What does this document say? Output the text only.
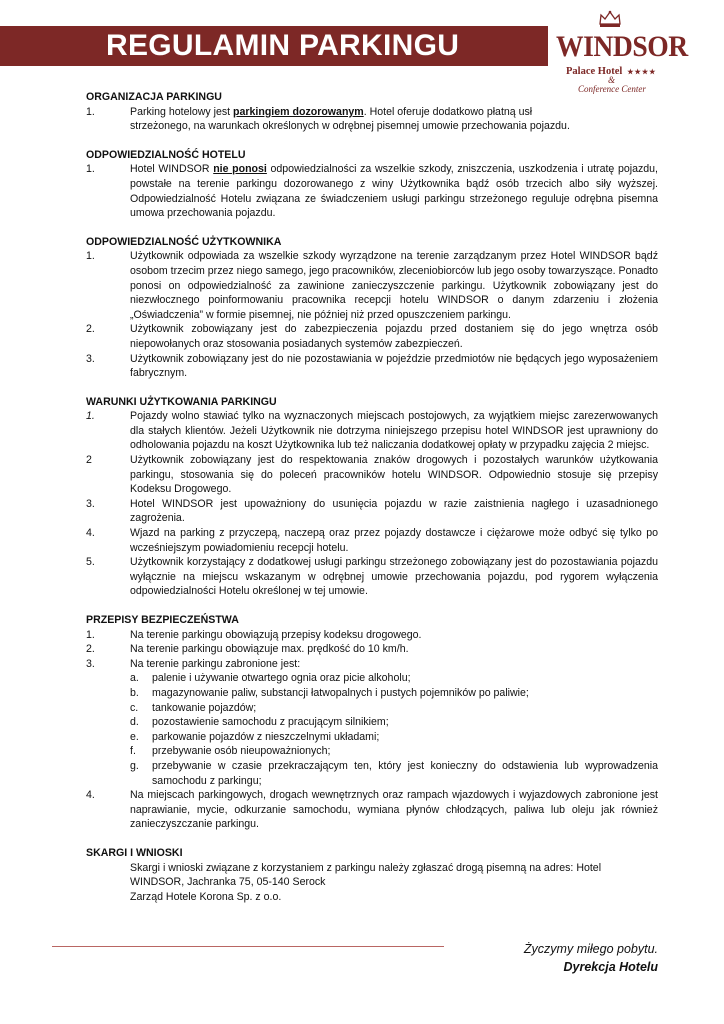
REGULAMIN PARKINGU	WINDSOR
Palace Hotel ★★★★
&
Conference Center

ORGANIZACJA PARKINGU

1.	Parking hotelowy jest parkingiem dozorowanym. Hotel oferuje dodatkowo płatną usł
strzeżonego, na warunkach określonych w odrębnej pisemnej umowie przechowania pojazdu.

ODPOWIEDZIALNOŚĆ HOTELU

1.	Hotel WINDSOR nie ponosi odpowiedzialności za wszelkie szkody, zniszczenia, uszkodzenia i utratę pojazdu, powstałe na terenie parkingu dozorowanego z winy Użytkownika bądź osób trzecich albo siły wyższej. Odpowiedzialność Hotelu związana ze świadczeniem usługi parkingu strzeżonego reguluje odrębna pisemna umowa przechowania pojazdu.

ODPOWIEDZIALNOŚĆ UŻYTKOWNIKA

1.	Użytkownik odpowiada za wszelkie szkody wyrządzone na terenie zarządzanym przez Hotel WINDSOR bądź osobom trzecim przez niego samego, jego pracowników, zleceniobiorców lub jego osoby towarzyszące. Ponadto ponosi on odpowiedzialność za zawinione zanieczyszczenie parkingu. Użytkownik zobowiązany jest do niezwłocznego poinformowaniu pracownika recepcji hotelu WINDSOR o danym zdarzeniu i złożenia „Oświadczenia” w formie pisemnej, nie później niż przed opuszczeniem parkingu.
2.	Użytkownik zobowiązany jest do zabezpieczenia pojazdu przed dostaniem się do jego wnętrza osób niepowołanych oraz stosowania posiadanych systemów zabezpieczeń.
3.	Użytkownik zobowiązany jest do nie pozostawiania w pojeździe przedmiotów nie będących jego wyposażeniem fabrycznym.

WARUNKI UŻYTKOWANIA PARKINGU

1.	Pojazdy wolno stawiać tylko na wyznaczonych miejscach postojowych, za wyjątkiem miejsc zarezerwowanych dla stałych klientów. Jeżeli Użytkownik nie dotrzyma niniejszego przepisu hotel WINDSOR jest uprawniony do odholowania pojazdu na koszt Użytkownika lub też naliczania dodatkowej opłaty w przypadku zajęcia 2 miejsc.
2	Użytkownik zobowiązany jest do respektowania znaków drogowych i pozostałych warunków użytkowania parkingu, stosowania się do poleceń pracowników hotelu WINDSOR. Odpowiednio stosuje się przepisy Kodeksu Drogowego.
3.	Hotel WINDSOR jest upoważniony do usunięcia pojazdu w razie zaistnienia nagłego i uzasadnionego zagrożenia.
4.	Wjazd na parking z przyczepą, naczepą oraz przez pojazdy dostawcze i ciężarowe może odbyć się tylko po wcześniejszym powiadomieniu recepcji hotelu.
5.	Użytkownik korzystający z dodatkowej usługi parkingu strzeżonego zobowiązany jest do pozostawiania pojazdu wyłącznie na miejscu wskazanym w odrębnej umowie przechowania pojazdu, pod rygorem wyłączenia odpowiedzialności Hotelu określonej w tej umowie.

PRZEPISY BEZPIECZEŃSTWA

1.	Na terenie parkingu obowiązują przepisy kodeksu drogowego.
2.	Na terenie parkingu obowiązuje max. prędkość do 10 km/h.
3.	Na terenie parkingu zabronione jest:
a.	palenie i używanie otwartego ognia oraz picie alkoholu;
b.	magazynowanie paliw, substancji łatwopalnych i pustych pojemników po paliwie;
c.	tankowanie pojazdów;
d.	pozostawienie samochodu z pracującym silnikiem;
e.	parkowanie pojazdów z nieszczelnymi układami;
f.	przebywanie osób nieupoważnionych;
g.	przebywanie w czasie przekraczającym ten, który jest konieczny do odstawienia lub wyprowadzenia samochodu z parkingu;
4.	Na miejscach parkingowych, drogach wewnętrznych oraz rampach wjazdowych i wyjazdowych zabronione jest naprawianie, mycie, odkurzanie samochodu, wymiana płynów chłodzących, paliwa lub oleju jak również zanieczyszczanie parkingu.

SKARGI I WNIOSKI

Skargi i wnioski związane z korzystaniem z parkingu należy zgłaszać drogą pisemną na adres: Hotel WINDSOR, Jachranka 75, 05-140 Serock
Zarząd Hotele Korona Sp. z o.o.
Życzymy miłego pobytu.
Dyrekcja Hotelu
